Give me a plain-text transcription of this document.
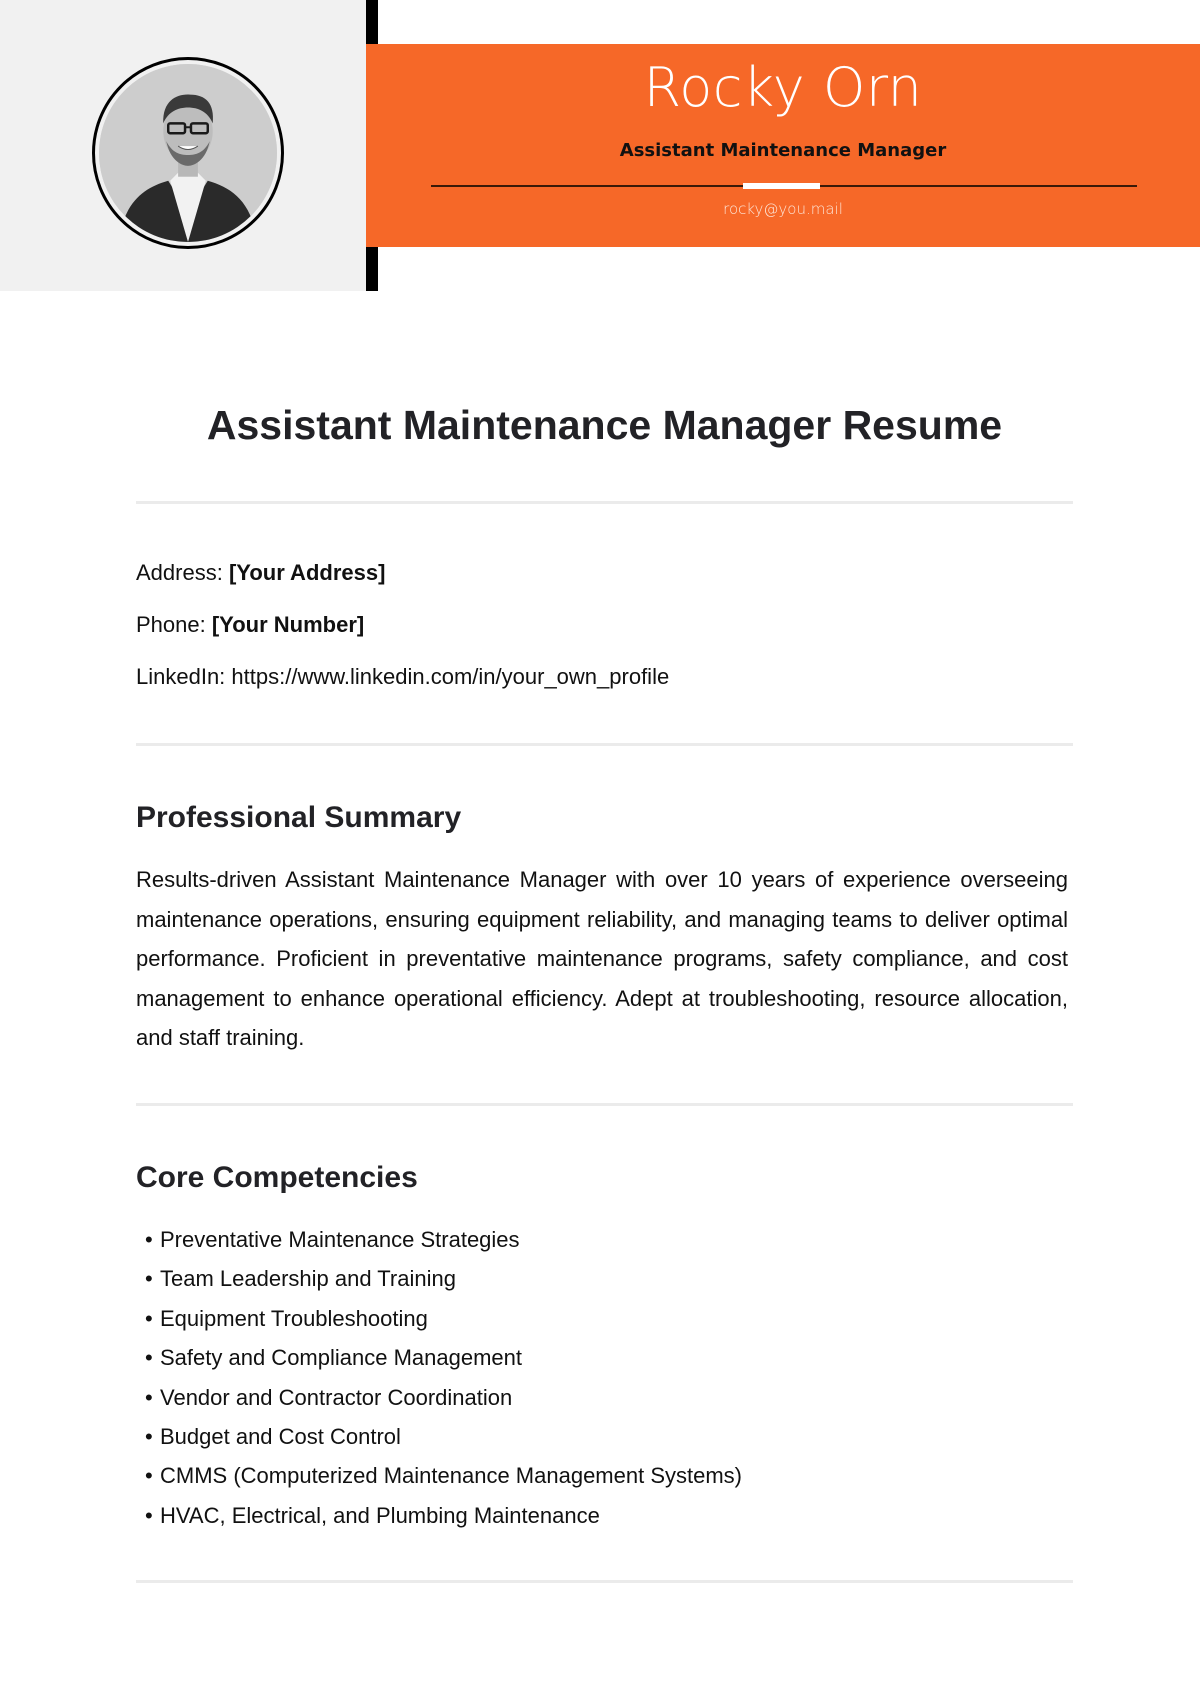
Rocky Orn
Assistant Maintenance Manager
rocky@you.mail
Assistant Maintenance Manager Resume
Address: [Your Address]
Phone: [Your Number]
LinkedIn: https://www.linkedin.com/in/your_own_profile
Professional Summary

Results-driven Assistant Maintenance Manager with over 10 years of experience overseeing maintenance operations, ensuring equipment reliability, and managing teams to deliver optimal performance. Proficient in preventative maintenance programs, safety compliance, and cost management to enhance operational efficiency. Adept at troubleshooting, resource allocation, and staff training.

Core Competencies
• Preventative Maintenance Strategies
• Team Leadership and Training
• Equipment Troubleshooting
• Safety and Compliance Management
• Vendor and Contractor Coordination
• Budget and Cost Control
• CMMS (Computerized Maintenance Management Systems)
• HVAC, Electrical, and Plumbing Maintenance
